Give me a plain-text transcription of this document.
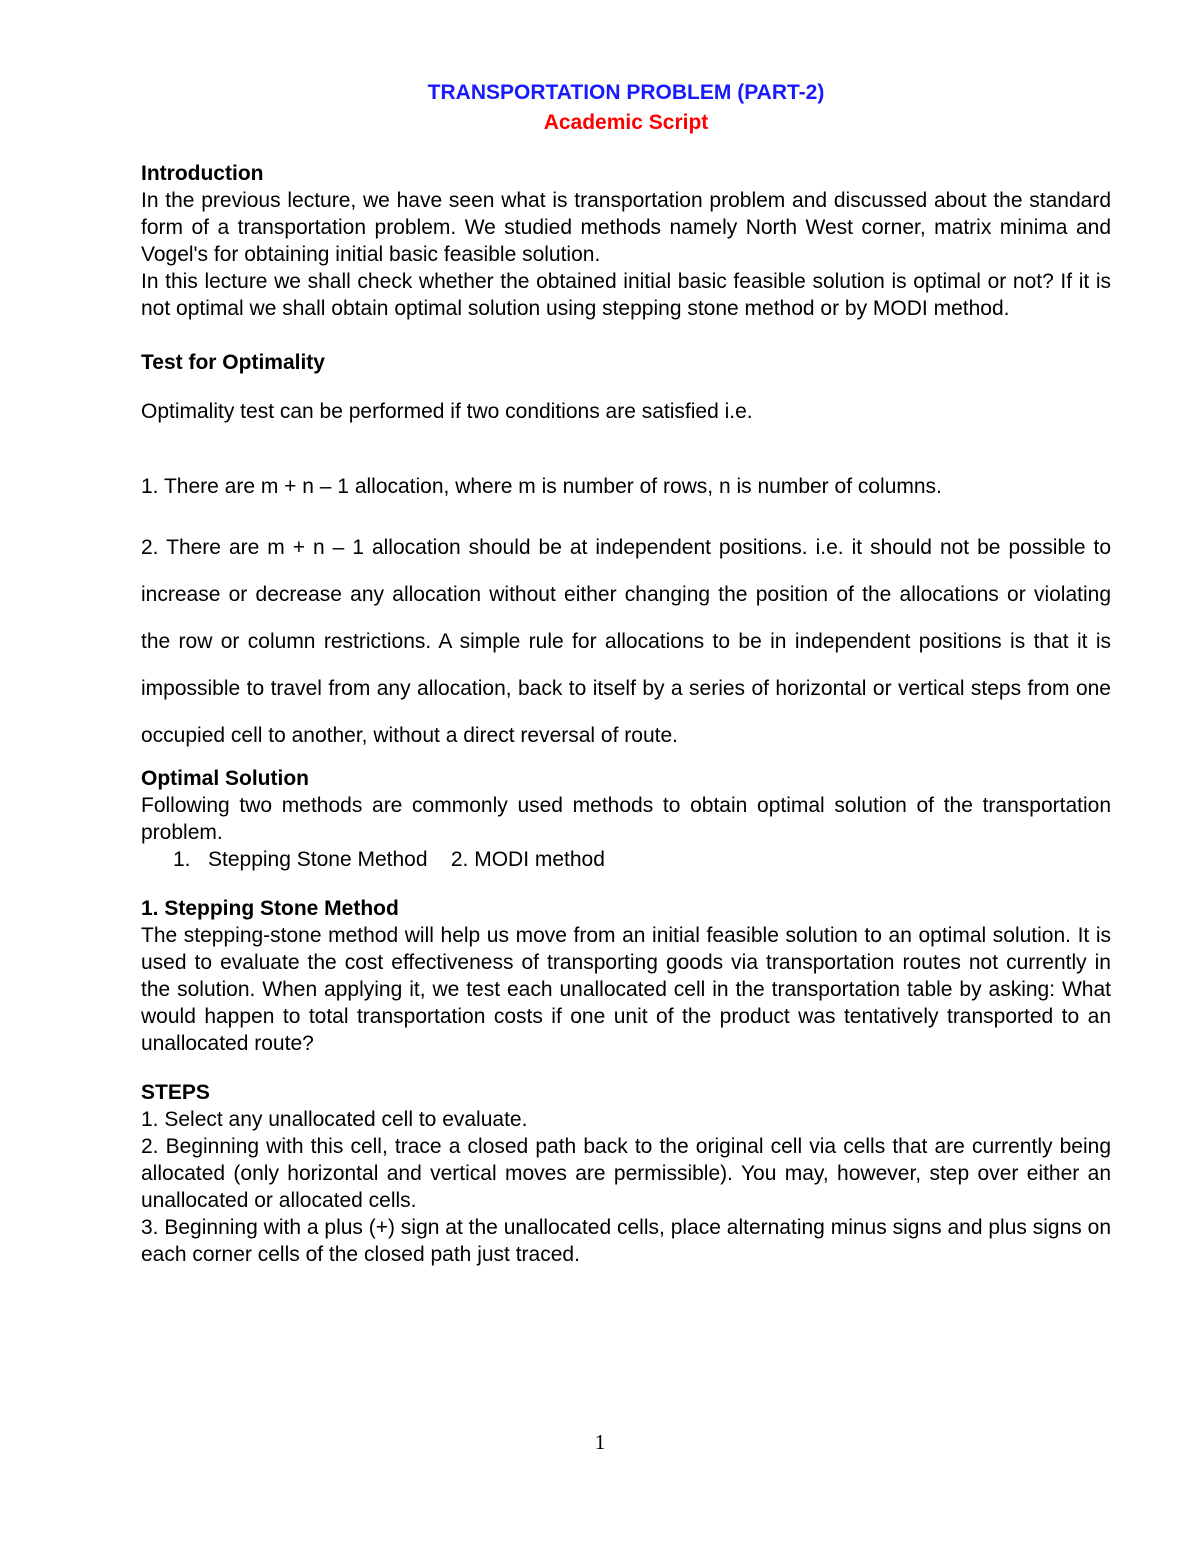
TRANSPORTATION PROBLEM (PART-2)
Academic Script
Introduction

In the previous lecture, we have seen what is transportation problem and discussed about the standard form of a transportation problem. We studied methods namely North West corner, matrix minima and Vogel's for obtaining initial basic feasible solution.

In this lecture we shall check whether the obtained initial basic feasible solution is optimal or not? If it is not optimal we shall obtain optimal solution using stepping stone method or by MODI method.

Test for Optimality

Optimality test can be performed if two conditions are satisfied i.e.

1. There are m + n – 1 allocation, where m is number of rows, n is number of columns.

2. There are m + n – 1 allocation should be at independent positions. i.e. it should not be possible to increase or decrease any allocation without either changing the position of the allocations or violating the row or column restrictions. A simple rule for allocations to be in independent positions is that it is impossible to travel from any allocation, back to itself by a series of horizontal or vertical steps from one occupied cell to another, without a direct reversal of route.

Optimal Solution

Following two methods are commonly used methods to obtain optimal solution of the transportation problem.

1.   Stepping Stone Method    2. MODI method
1. Stepping Stone Method

The stepping-stone method will help us move from an initial feasible solution to an optimal solution. It is used to evaluate the cost effectiveness of transporting goods via transportation routes not currently in the solution. When applying it, we test each unallocated cell in the transportation table by asking: What would happen to total transportation costs if one unit of the product was tentatively transported to an unallocated route?

STEPS

1. Select any unallocated cell to evaluate.

2. Beginning with this cell, trace a closed path back to the original cell via cells that are currently being allocated (only horizontal and vertical moves are permissible). You may, however, step over either an unallocated or allocated cells.

3. Beginning with a plus (+) sign at the unallocated cells, place alternating minus signs and plus signs on each corner cells of the closed path just traced.

1
